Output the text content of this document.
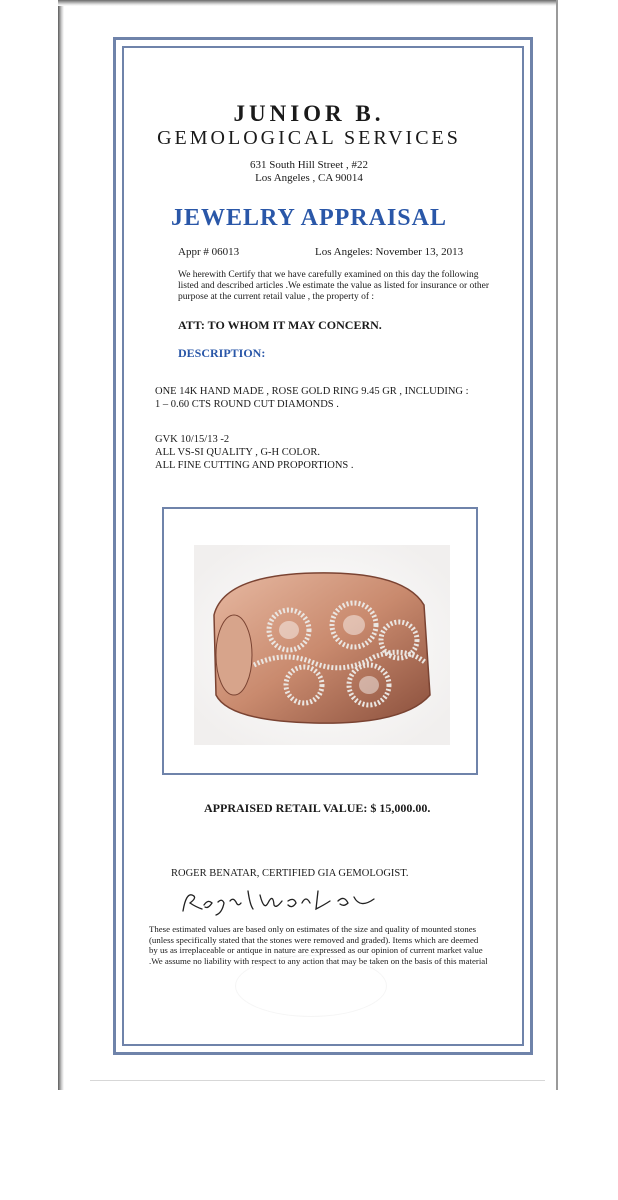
JUNIOR B.
GEMOLOGICAL SERVICES
631 South Hill Street , #22
Los Angeles , CA 90014
JEWELRY APPRAISAL
Appr # 06013	Los Angeles: November 13, 2013
We herewith Certify that we have carefully examined on this day the following listed and described articles .We estimate the value as listed for insurance or other purpose at the current retail value , the property of :
ATT: TO WHOM IT MAY CONCERN.
DESCRIPTION:
ONE 14K HAND MADE , ROSE GOLD RING 9.45 GR , INCLUDING :
1 – 0.60 CTS ROUND CUT DIAMONDS .
GVK 10/15/13 -2
ALL VS-SI QUALITY , G-H COLOR.
ALL FINE CUTTING AND PROPORTIONS .
APPRAISED RETAIL VALUE: $ 15,000.00.
ROGER BENATAR, CERTIFIED GIA GEMOLOGIST.
These estimated values are based only on estimates of the size and quality of mounted stones (unless specifically stated that the stones were removed and graded). Items which are deemed by us as irreplaceable or antique in nature are expressed as our opinion of current market value .We assume no liability with respect to any action that may be taken on the basis of this material
